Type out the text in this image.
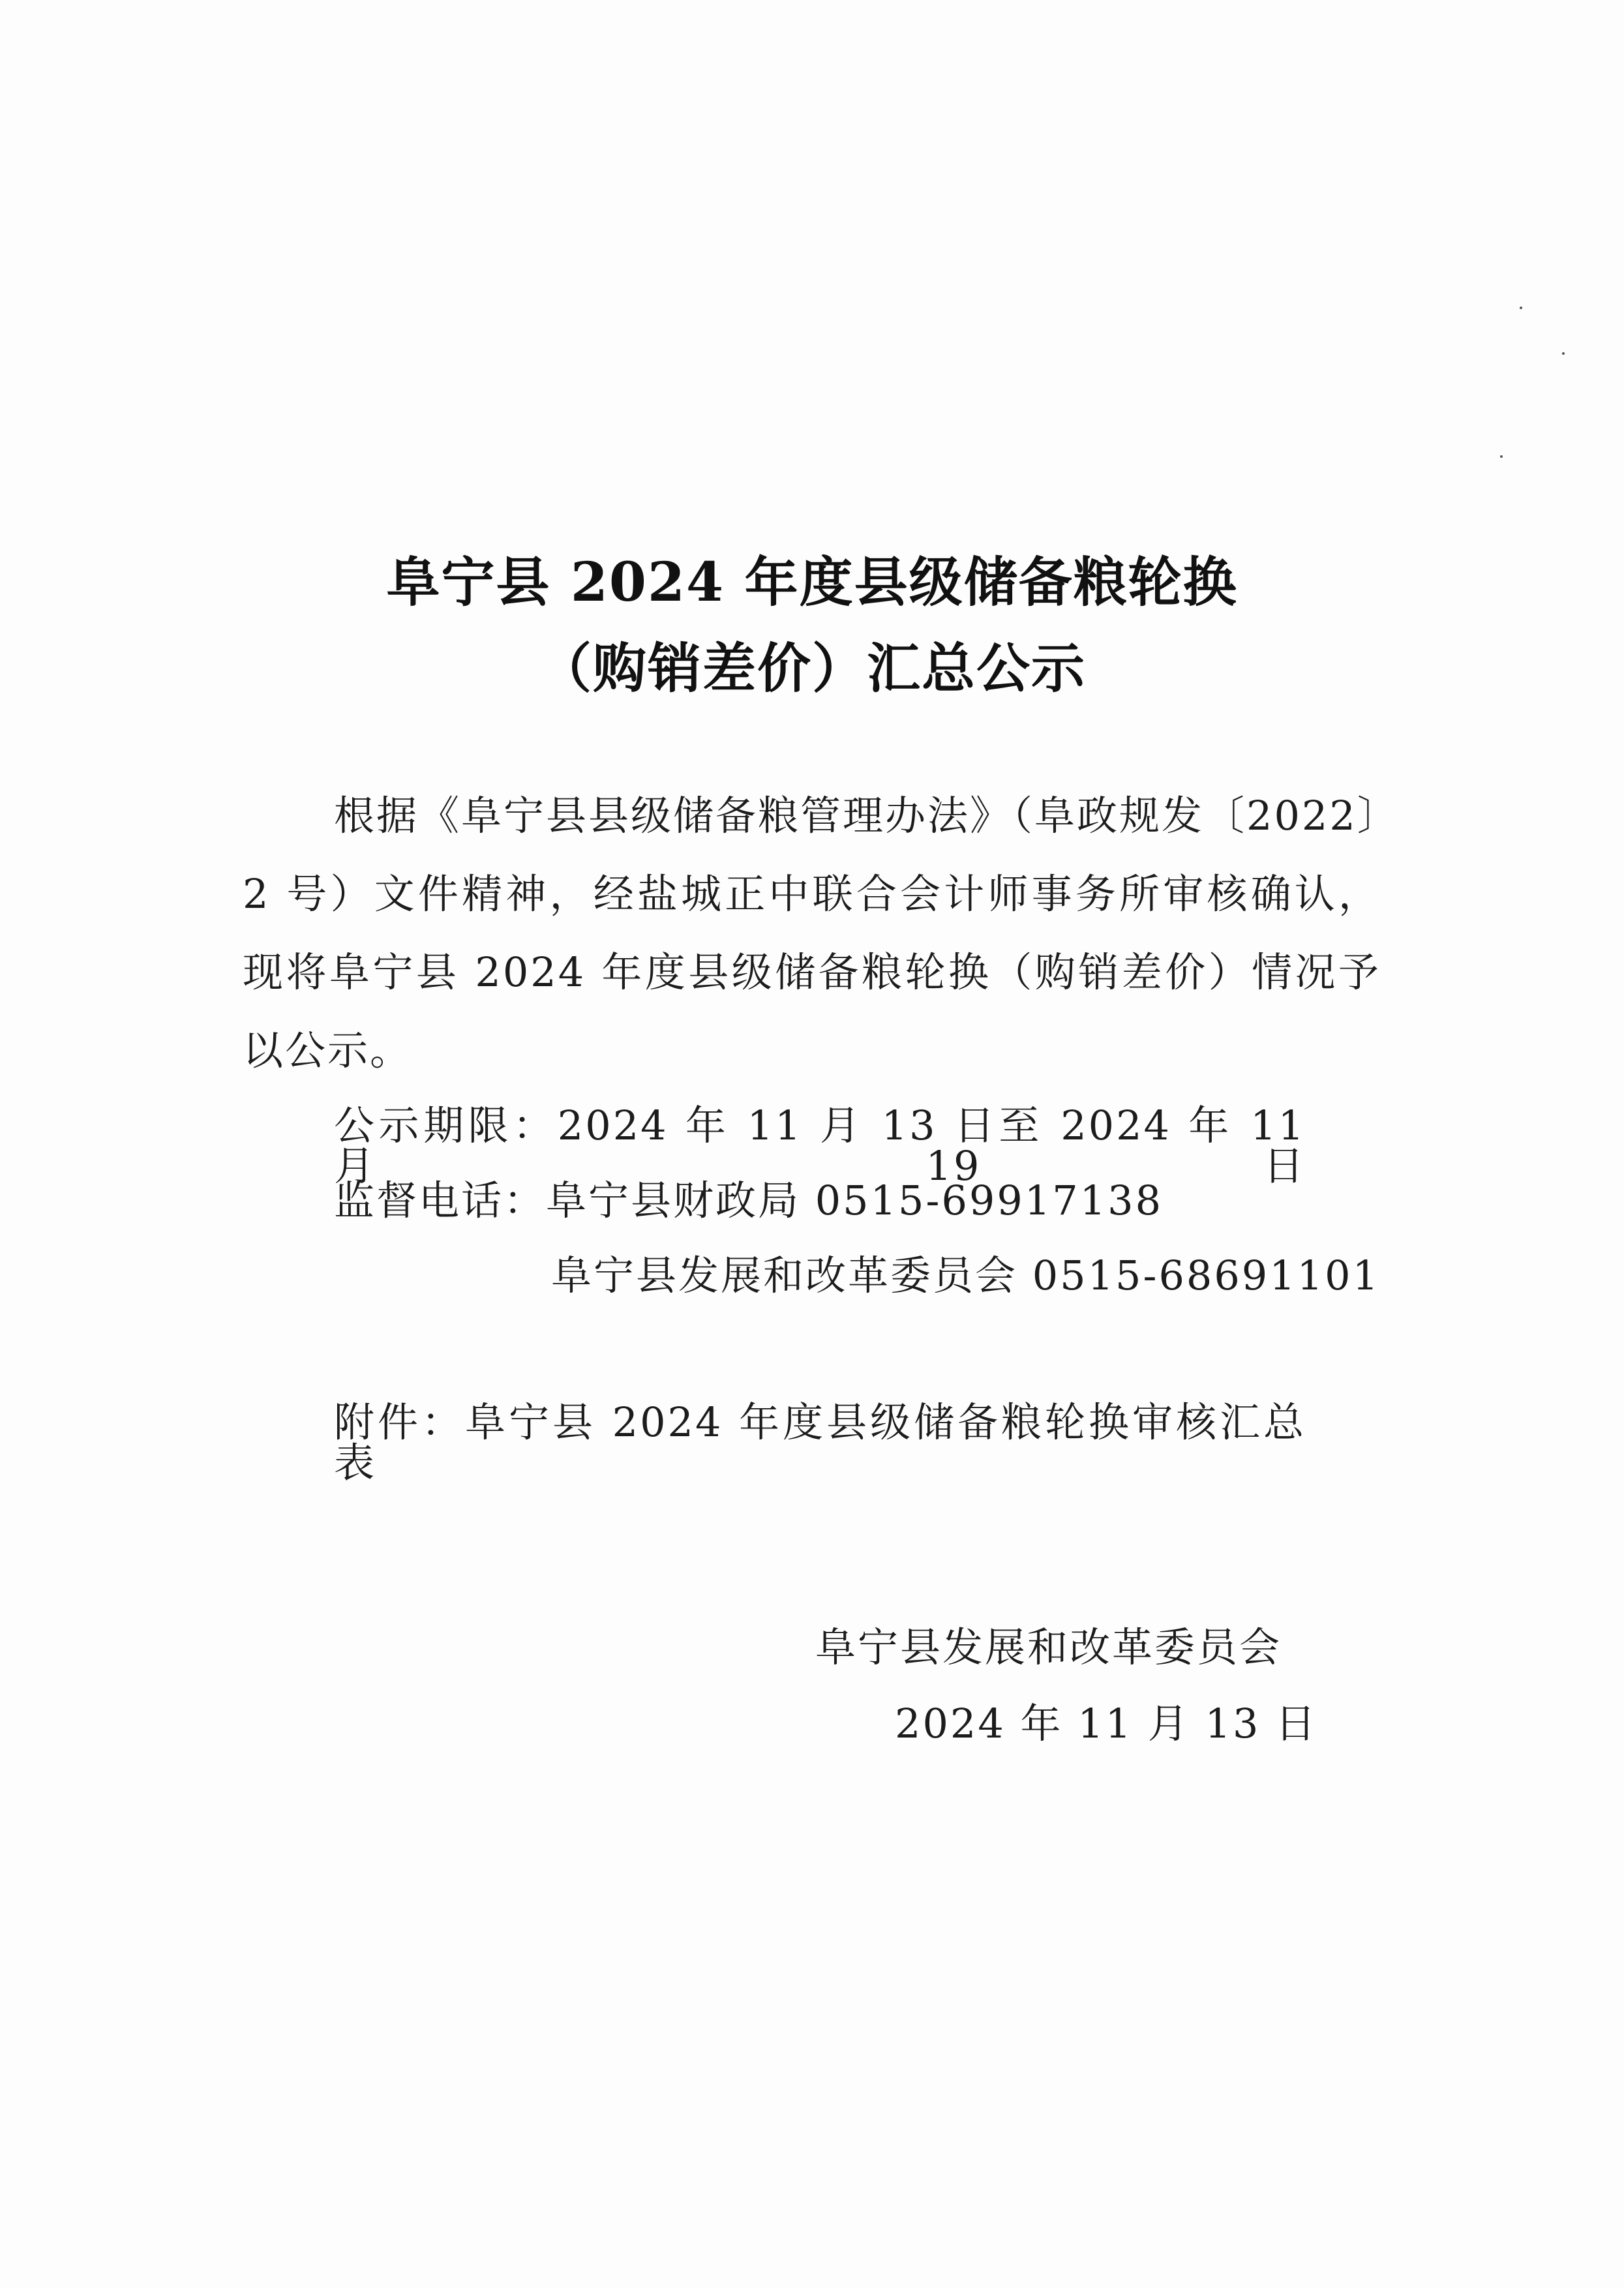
阜宁县 2024 年度县级储备粮轮换
（购销差价）汇总公示
根据《阜宁县县级储备粮管理办法》（阜政规发〔2022〕
2 号）文件精神，经盐城正中联合会计师事务所审核确认，
现将阜宁县 2024 年度县级储备粮轮换（购销差价）情况予
以公示。
公示期限：2024 年 11 月 13 日至 2024 年 11 月 19 日
监督电话：阜宁县财政局 0515-69917138
阜宁县发展和改革委员会 0515-68691101
附件：阜宁县 2024 年度县级储备粮轮换审核汇总表
阜宁县发展和改革委员会
2024 年 11 月 13 日
